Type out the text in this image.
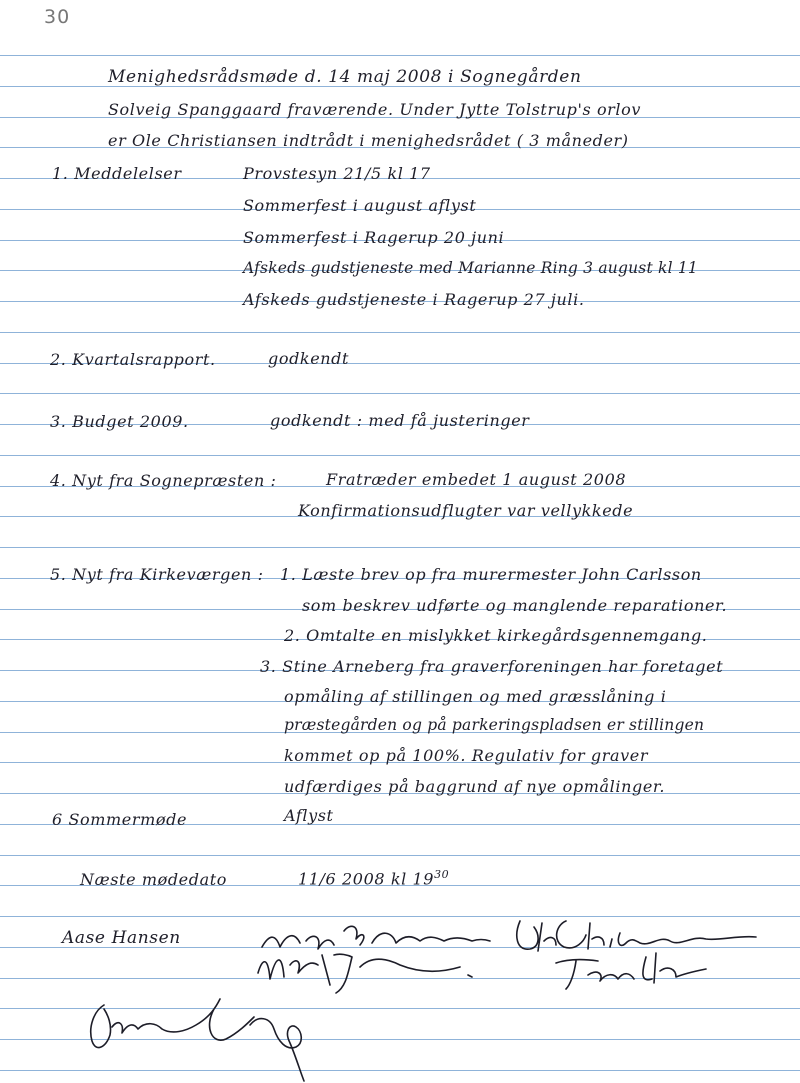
30
Menighedsrådsmøde d. 14 maj 2008 i Sognegården
Solveig Spanggaard fraværende. Under Jytte Tolstrup's orlov
er Ole Christiansen indtrådt i menighedsrådet ( 3 måneder)
1. Meddelelser	Provstesyn 21/5 kl 17
Sommerfest i august aflyst
Sommerfest i Ragerup 20 juni
Afskeds gudstjeneste med Marianne Ring 3 august kl 11
Afskeds gudstjeneste i Ragerup 27 juli.
2. Kvartalsrapport.	godkendt
3. Budget 2009.	godkendt : med få justeringer
4. Nyt fra Sognepræsten :	Fratræder embedet 1 august 2008
Konfirmationsudflugter var vellykkede
5. Nyt fra Kirkeværgen : 1. Læste brev op fra murermester John Carlsson
som beskrev udførte og manglende reparationer.
2. Omtalte en mislykket kirkegårdsgennemgang.
3. Stine Arneberg fra graverforeningen har foretaget
opmåling af stillingen og med græsslåning i
præstegården og på parkeringspladsen er stillingen
kommet op på 100%. Regulativ for graver
udfærdiges på baggrund af nye opmålinger.
6 Sommermøde	Aflyst
Næste mødedato	11/6 2008 kl $19^{30}$
Aase Hansen
